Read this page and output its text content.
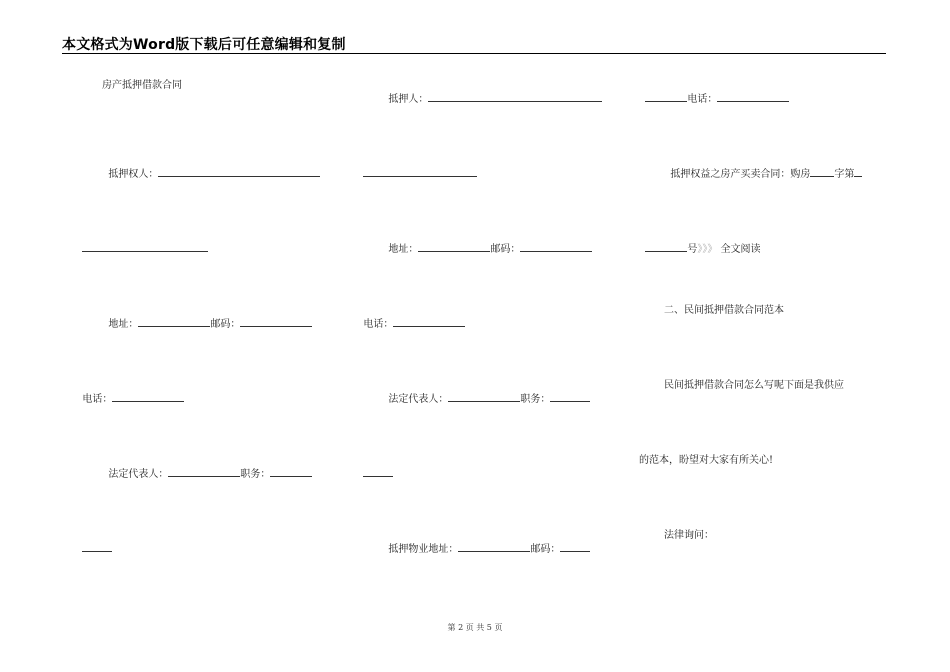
本文格式为Word版下载后可任意编辑和复制
房产抵押借款合同

抵押权人：

地址：	邮码：

电话：

法定代表人：	职务：

抵押人：

地址：	邮码：

电话：

法定代表人：	职务：

抵押物业地址：	邮码：

电话：

抵押权益之房产买卖合同：购房 字第

号》》》 全文阅读

二、民间抵押借款合同范本
民间抵押借款合同怎么写呢下面是我供应
的范本，盼望对大家有所关心!
法律询问：
第 2 页 共 5 页
